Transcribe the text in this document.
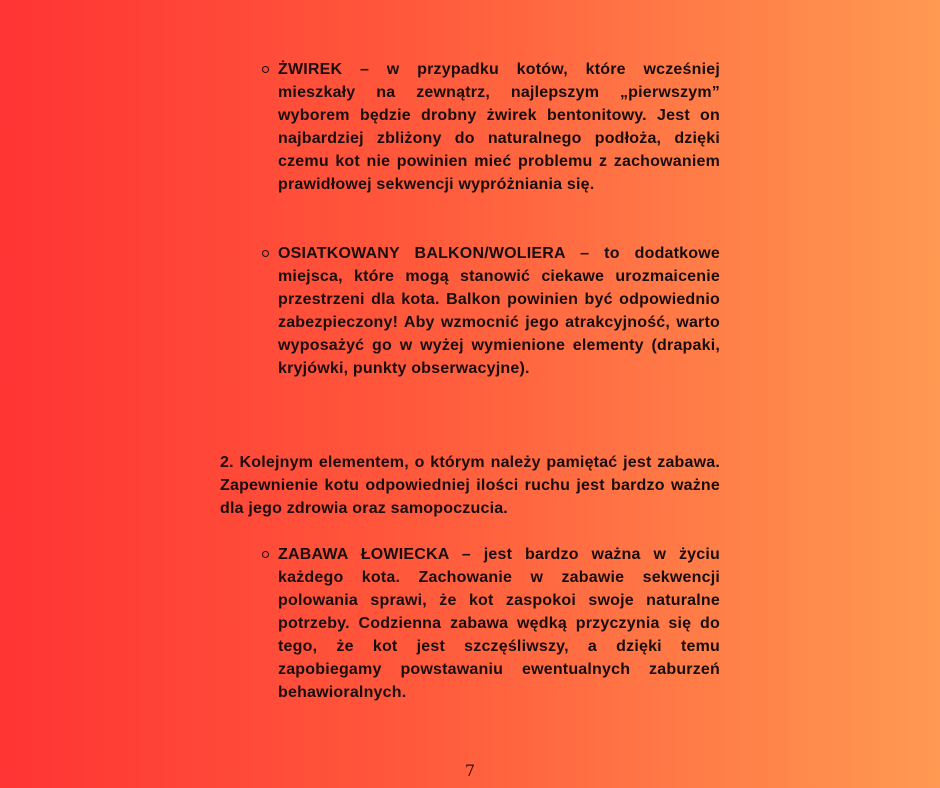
ŻWIREK – w przypadku kotów, które wcześniej mieszkały na zewnątrz, najlepszym „pierwszym” wyborem będzie drobny żwirek bentonitowy. Jest on najbardziej zbliżony do naturalnego podłoża, dzięki czemu kot nie powinien mieć problemu z zachowaniem prawidłowej sekwencji wypróżniania się.
OSIATKOWANY BALKON/WOLIERA – to dodatkowe miejsca, które mogą stanowić ciekawe urozmaicenie przestrzeni dla kota. Balkon powinien być odpowiednio zabezpieczony! Aby wzmocnić jego atrakcyjność, warto wyposażyć go w wyżej wymienione elementy (drapaki, kryjówki, punkty obserwacyjne).
2. Kolejnym elementem, o którym należy pamiętać jest zabawa. Zapewnienie kotu odpowiedniej ilości ruchu jest bardzo ważne dla jego zdrowia oraz samopoczucia.
ZABAWA ŁOWIECKA – jest bardzo ważna w życiu każdego kota. Zachowanie w zabawie sekwencji polowania sprawi, że kot zaspokoi swoje naturalne potrzeby. Codzienna zabawa wędką przyczynia się do tego, że kot jest szczęśliwszy, a dzięki temu zapobiegamy powstawaniu ewentualnych zaburzeń behawioralnych.
7
